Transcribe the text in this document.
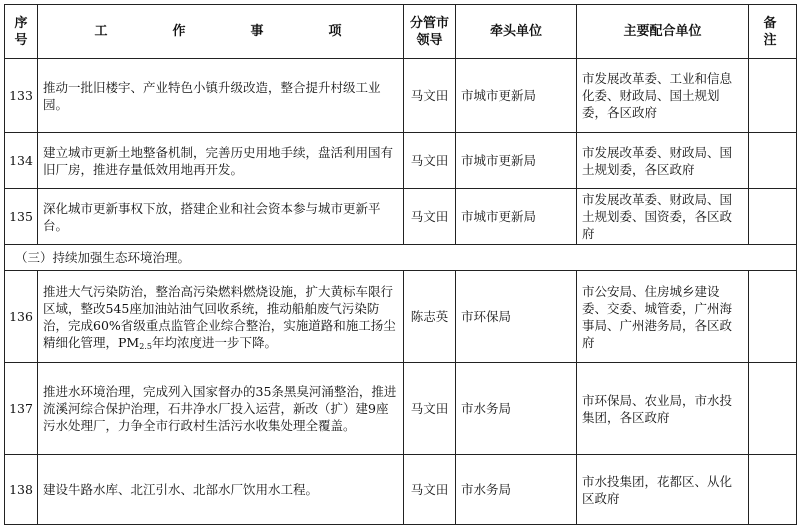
序号	工　作　事　项	分管市领导	牵头单位	主要配合单位	备注
133	推动一批旧楼宇、产业特色小镇升级改造，整合提升村级工业园。	马文田	市城市更新局	市发展改革委、工业和信息化委、财政局、国土规划委，各区政府	
134	建立城市更新土地整备机制，完善历史用地手续，盘活利用国有旧厂房，推进存量低效用地再开发。	马文田	市城市更新局	市发展改革委、财政局、国土规划委，各区政府	
135	深化城市更新事权下放，搭建企业和社会资本参与城市更新平台。	马文田	市城市更新局	市发展改革委、财政局、国土规划委、国资委，各区政府	
（三）持续加强生态环境治理。					
136	推进大气污染防治，整治高污染燃料燃烧设施，扩大黄标车限行区域，整改545座加油站油气回收系统，推动船舶废气污染防治，完成60%省级重点监管企业综合整治，实施道路和施工扬尘精细化管理，$PM_{2.5}$年均浓度进一步下降。	陈志英	市环保局	市公安局、住房城乡建设委、交委、城管委，广州海事局、广州港务局，各区政府	
137	推进水环境治理，完成列入国家督办的35条黑臭河涌整治，推进流溪河综合保护治理，石井净水厂投入运营，新改（扩）建9座污水处理厂，力争全市行政村生活污水收集处理全覆盖。	马文田	市水务局	市环保局、农业局，市水投集团，各区政府	
138	建设牛路水库、北江引水、北部水厂饮用水工程。	马文田	市水务局	市水投集团，花都区、从化区政府	
